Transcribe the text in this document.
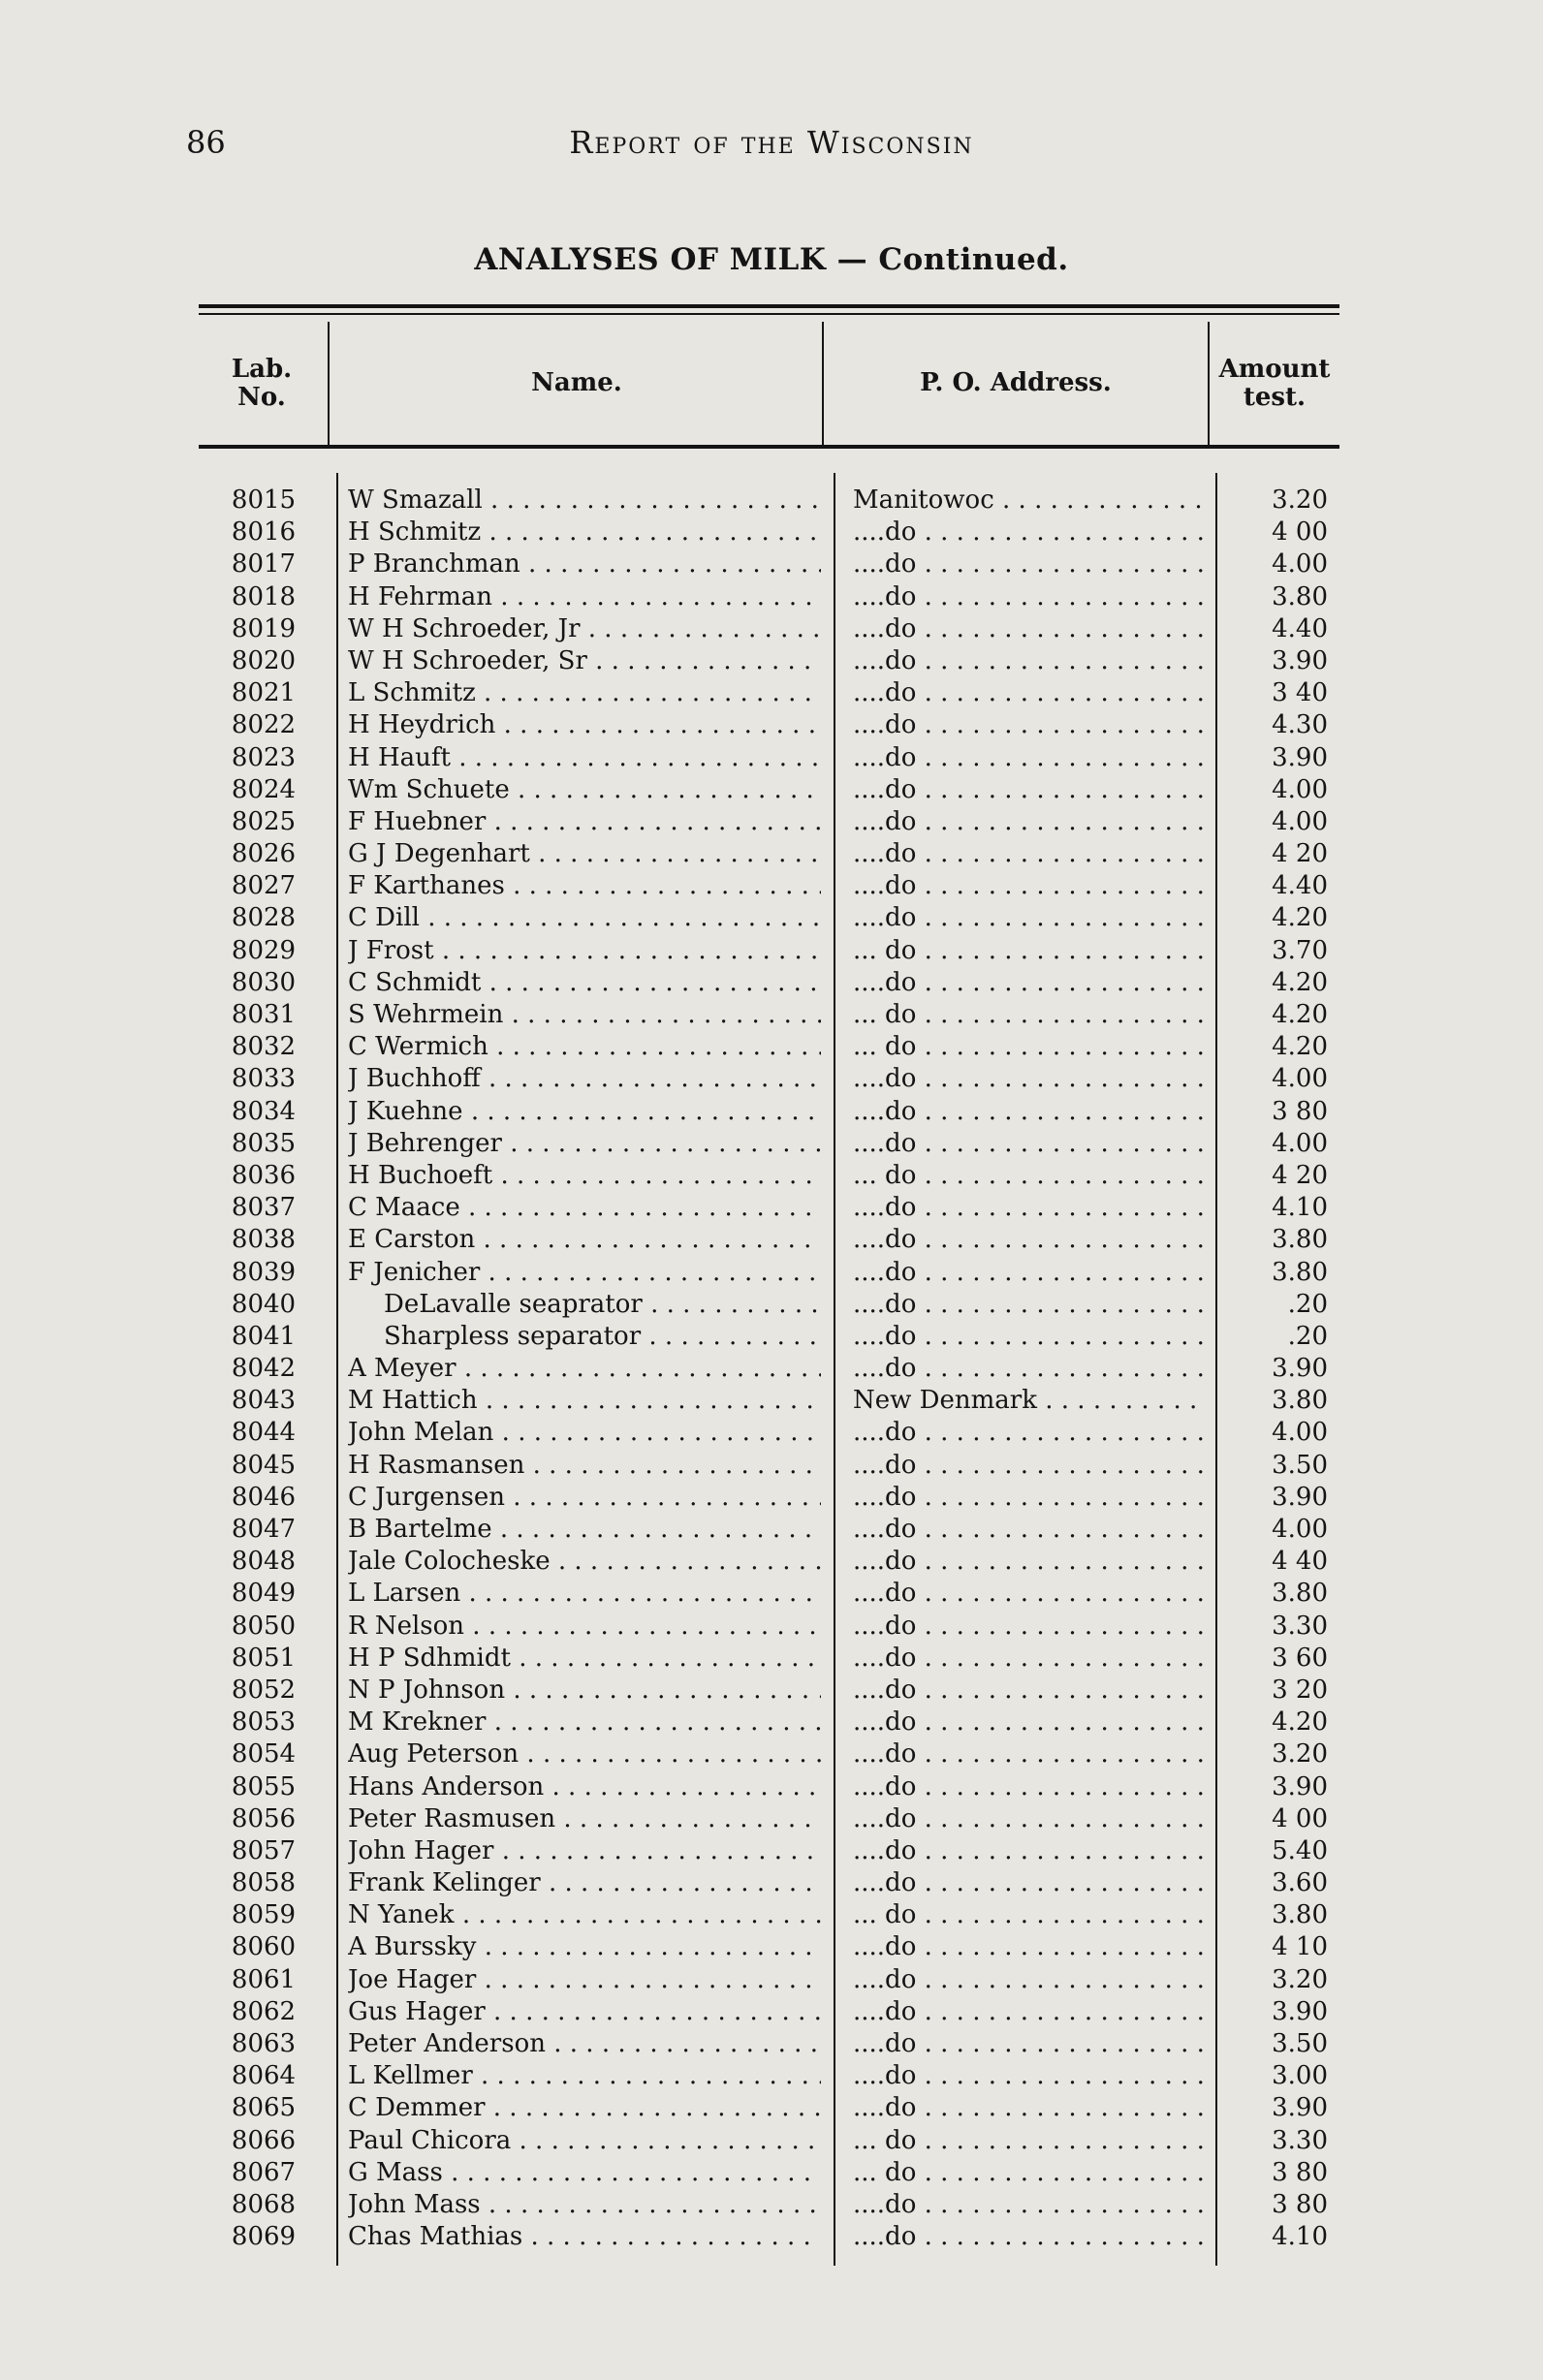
86	Report of the Wisconsin
ANALYSES OF MILK — Continued.
Lab.
No.	Name.	P. O. Address.	Amount
test.
8015	W Smazall . . .	Manitowoc . . .	3.20
8016	H Schmitz . . .	....do . . .	4 00
8017	P Branchman . . .	....do . . .	4.00
8018	H Fehrman . . .	....do . . .	3.80
8019	W H Schroeder, Jr . . .	....do . . .	4.40
8020	W H Schroeder, Sr . . .	....do . . .	3.90
8021	L Schmitz . . .	....do . . .	3 40
8022	H Heydrich . . .	....do . . .	4.30
8023	H Hauft . . .	....do . . .	3.90
8024	Wm Schuete . . .	....do . . .	4.00
8025	F Huebner . . .	....do . . .	4.00
8026	G J Degenhart . . .	....do . . .	4 20
8027	F Karthanes . . .	....do . . .	4.40
8028	C Dill . . .	....do . . .	4.20
8029	J Frost . . .	... do . . .	3.70
8030	C Schmidt . . .	....do . . .	4.20
8031	S Wehrmein . . .	... do . . .	4.20
8032	C Wermich . . .	... do . . .	4.20
8033	J Buchhoff . . .	....do . . .	4.00
8034	J Kuehne . . .	....do . . .	3 80
8035	J Behrenger . . .	....do . . .	4.00
8036	H Buchoeft . . .	... do . . .	4 20
8037	C Maace . . .	....do . . .	4.10
8038	E Carston . . .	....do . . .	3.80
8039	F Jenicher . . .	....do . . .	3.80
8040	DeLavalle seaprator . . .	....do . . .	.20
8041	Sharpless separator . . .	....do . . .	.20
8042	A Meyer . . .	....do . . .	3.90
8043	M Hattich . . .	New Denmark . . .	3.80
8044	John Melan . . .	....do . . .	4.00
8045	H Rasmansen . . .	....do . . .	3.50
8046	C Jurgensen . . .	....do . . .	3.90
8047	B Bartelme . . .	....do . . .	4.00
8048	Jale Colocheske . . .	....do . . .	4 40
8049	L Larsen . . .	....do . . .	3.80
8050	R Nelson . . .	....do . . .	3.30
8051	H P Sdhmidt . . .	....do . . .	3 60
8052	N P Johnson . . .	....do . . .	3 20
8053	M Krekner . . .	....do . . .	4.20
8054	Aug Peterson . . .	....do . . .	3.20
8055	Hans Anderson . . .	....do . . .	3.90
8056	Peter Rasmusen . . .	....do . . .	4 00
8057	John Hager . . .	....do . . .	5.40
8058	Frank Kelinger . . .	....do . . .	3.60
8059	N Yanek . . .	... do . . .	3.80
8060	A Burssky . . .	....do . . .	4 10
8061	Joe Hager . . .	....do . . .	3.20
8062	Gus Hager . . .	....do . . .	3.90
8063	Peter Anderson . . .	....do . . .	3.50
8064	L Kellmer . . .	....do . . .	3.00
8065	C Demmer . . .	....do . . .	3.90
8066	Paul Chicora . . .	... do . . .	3.30
8067	G Mass . . .	... do . . .	3 80
8068	John Mass . . .	....do . . .	3 80
8069	Chas Mathias . . .	....do . . .	4.10
